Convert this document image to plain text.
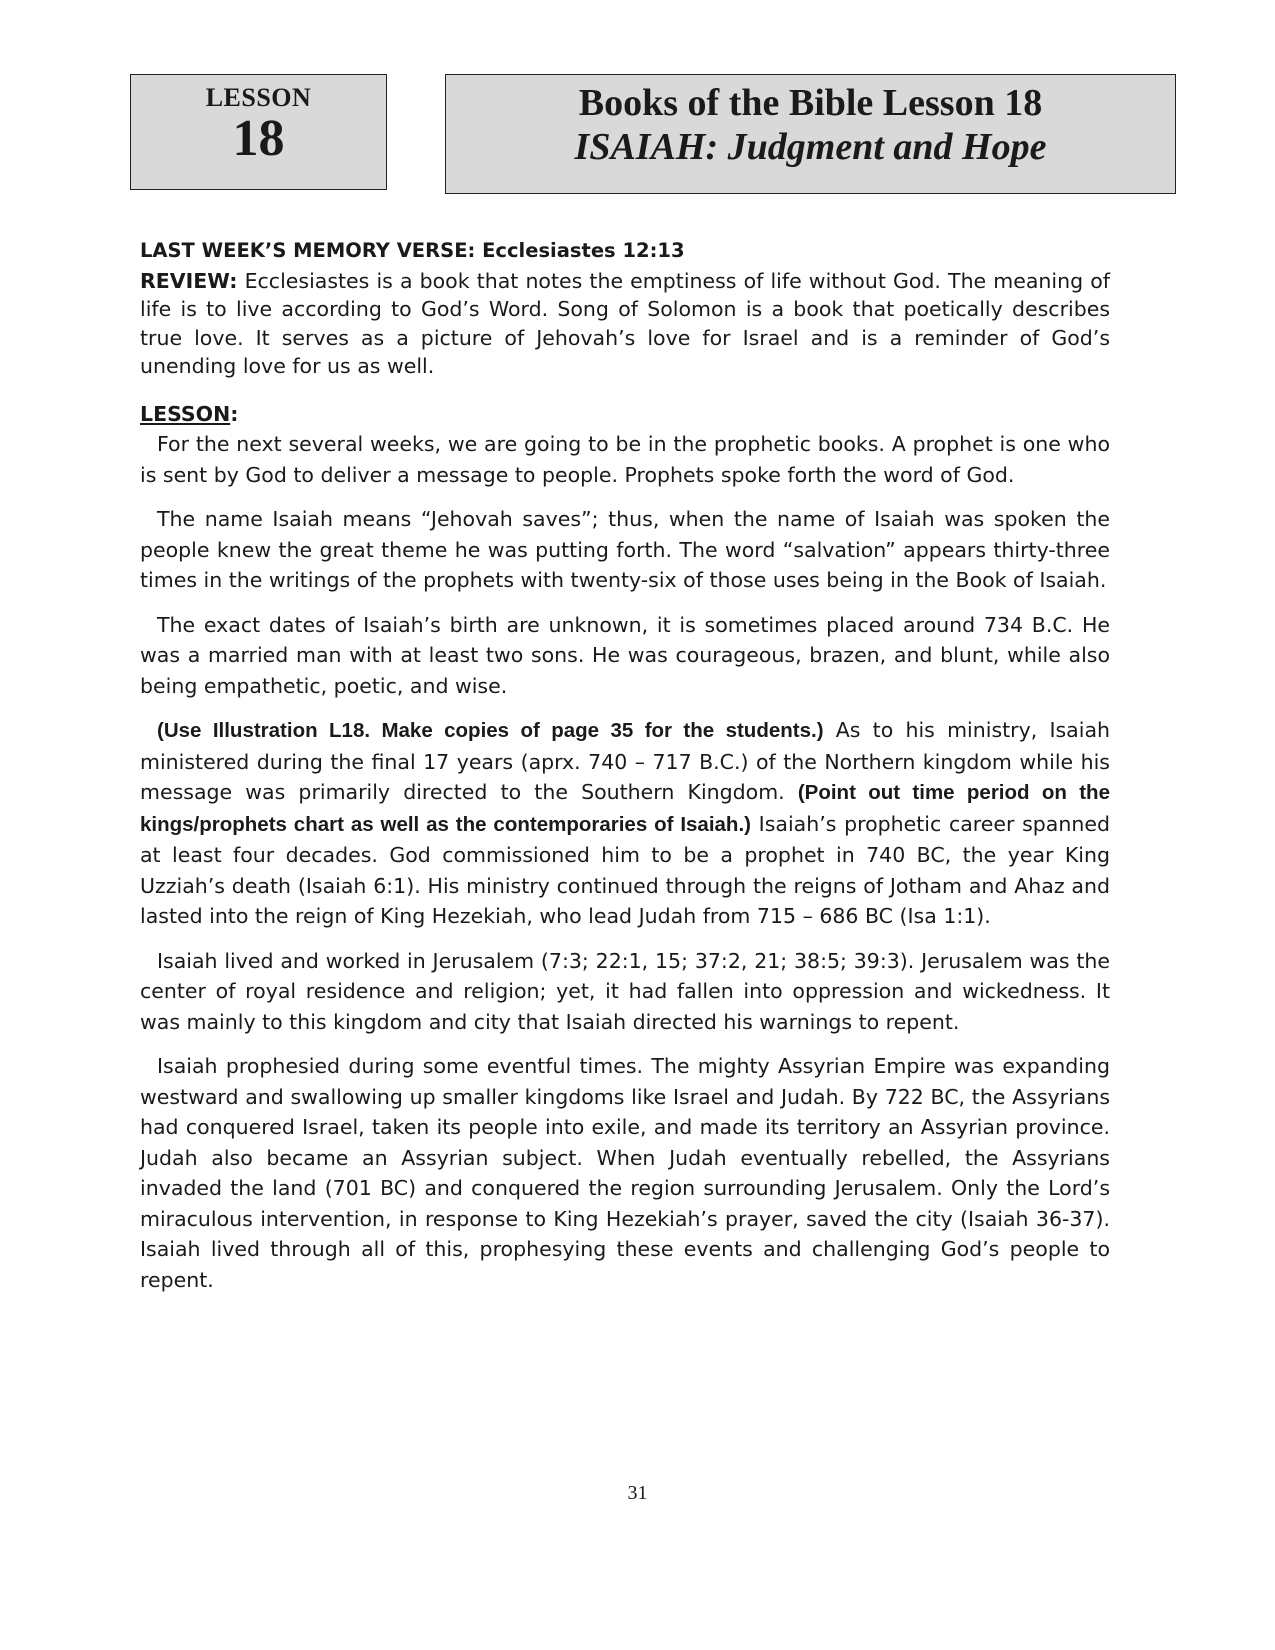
LESSON
18
Books of the Bible Lesson 18
ISAIAH: Judgment and Hope

LAST WEEK’S MEMORY VERSE: Ecclesiastes 12:13

REVIEW: Ecclesiastes is a book that notes the emptiness of life without God. The meaning of life is to live according to God’s Word. Song of Solomon is a book that poetically describes true love. It serves as a picture of Jehovah’s love for Israel and is a reminder of God’s unending love for us as well.

LESSON:

For the next several weeks, we are going to be in the prophetic books. A prophet is one who is sent by God to deliver a message to people. Prophets spoke forth the word of God.

The name Isaiah means “Jehovah saves”; thus, when the name of Isaiah was spoken the people knew the great theme he was putting forth. The word “salvation” appears thirty-three times in the writings of the prophets with twenty-six of those uses being in the Book of Isaiah.

The exact dates of Isaiah’s birth are unknown, it is sometimes placed around 734 B.C. He was a married man with at least two sons. He was courageous, brazen, and blunt, while also being empathetic, poetic, and wise.

(Use Illustration L18. Make copies of page 35 for the students.) As to his ministry, Isaiah ministered during the final 17 years (aprx. 740 – 717 B.C.) of the Northern kingdom while his message was primarily directed to the Southern Kingdom. (Point out time period on the kings/prophets chart as well as the contemporaries of Isaiah.) Isaiah’s prophetic career spanned at least four decades. God commissioned him to be a prophet in 740 BC, the year King Uzziah’s death (Isaiah 6:1). His ministry continued through the reigns of Jotham and Ahaz and lasted into the reign of King Hezekiah, who lead Judah from 715 – 686 BC (Isa 1:1).

Isaiah lived and worked in Jerusalem (7:3; 22:1, 15; 37:2, 21; 38:5; 39:3). Jerusalem was the center of royal residence and religion; yet, it had fallen into oppression and wickedness. It was mainly to this kingdom and city that Isaiah directed his warnings to repent.

Isaiah prophesied during some eventful times. The mighty Assyrian Empire was expanding westward and swallowing up smaller kingdoms like Israel and Judah. By 722 BC, the Assyrians had conquered Israel, taken its people into exile, and made its territory an Assyrian province. Judah also became an Assyrian subject. When Judah eventually rebelled, the Assyrians invaded the land (701 BC) and conquered the region surrounding Jerusalem. Only the Lord’s miraculous intervention, in response to King Hezekiah’s prayer, saved the city (Isaiah 36-37). Isaiah lived through all of this, prophesying these events and challenging God’s people to repent.

31
